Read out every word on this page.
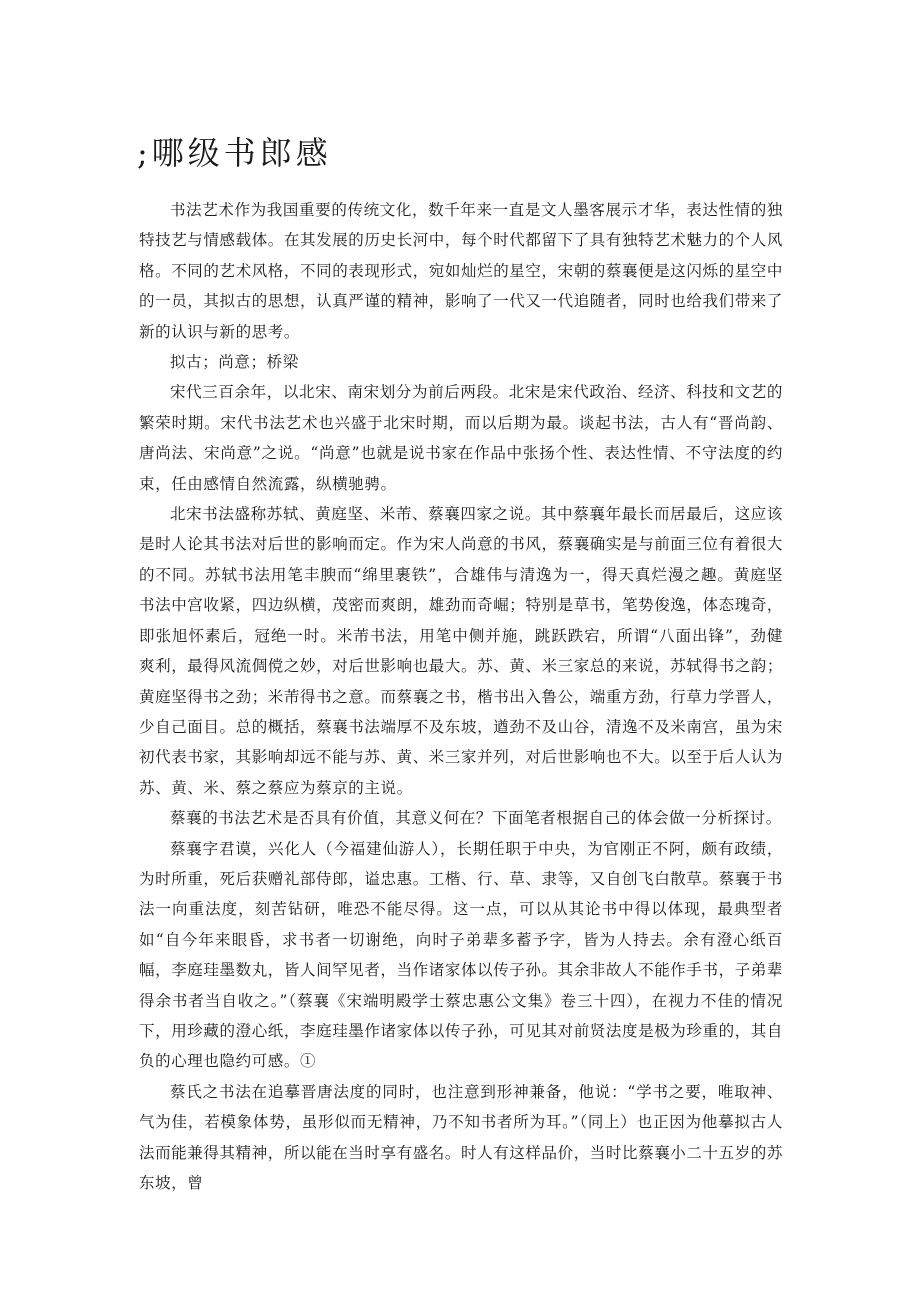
;哪级书郎感

书法艺术作为我国重要的传统文化，数千年来一直是文人墨客展示才华，表达性情的独特技艺与情感载体。在其发展的历史长河中，每个时代都留下了具有独特艺术魅力的个人风格。不同的艺术风格，不同的表现形式，宛如灿烂的星空，宋朝的蔡襄便是这闪烁的星空中的一员，其拟古的思想，认真严谨的精神，影响了一代又一代追随者，同时也给我们带来了新的认识与新的思考。

拟古；尚意；桥梁

宋代三百余年，以北宋、南宋划分为前后两段。北宋是宋代政治、经济、科技和文艺的繁荣时期。宋代书法艺术也兴盛于北宋时期，而以后期为最。谈起书法，古人有“晋尚韵、唐尚法、宋尚意”之说。“尚意”也就是说书家在作品中张扬个性、表达性情、不守法度的约束，任由感情自然流露，纵横驰骋。

北宋书法盛称苏轼、黄庭坚、米芾、蔡襄四家之说。其中蔡襄年最长而居最后，这应该是时人论其书法对后世的影响而定。作为宋人尚意的书风，蔡襄确实是与前面三位有着很大的不同。苏轼书法用笔丰腴而“绵里裹铁”，合雄伟与清逸为一，得天真烂漫之趣。黄庭坚书法中宫收紧，四边纵横，茂密而爽朗，雄劲而奇崛；特别是草书，笔势俊逸，体态瑰奇，即张旭怀素后，冠绝一时。米芾书法，用笔中侧并施，跳跃跌宕，所谓“八面出锋”，劲健爽利，最得风流倜傥之妙，对后世影响也最大。苏、黄、米三家总的来说，苏轼得书之韵；黄庭坚得书之劲；米芾得书之意。而蔡襄之书，楷书出入鲁公，端重方劲，行草力学晋人，少自己面目。总的概括，蔡襄书法端厚不及东坡，遒劲不及山谷，清逸不及米南宫，虽为宋初代表书家，其影响却远不能与苏、黄、米三家并列，对后世影响也不大。以至于后人认为苏、黄、米、蔡之蔡应为蔡京的主说。

蔡襄的书法艺术是否具有价值，其意义何在？下面笔者根据自己的体会做一分析探讨。

蔡襄字君谟，兴化人（今福建仙游人），长期任职于中央，为官刚正不阿，颇有政绩，为时所重，死后获赠礼部侍郎，谥忠惠。工楷、行、草、隶等，又自创飞白散草。蔡襄于书法一向重法度，刻苦钻研，唯恐不能尽得。这一点，可以从其论书中得以体现，最典型者如“自今年来眼昏，求书者一切谢绝，向时子弟辈多蓄予字，皆为人持去。余有澄心纸百幅，李庭珪墨数丸，皆人间罕见者，当作诸家体以传子孙。其余非故人不能作手书，子弟辈得余书者当自收之。”（蔡襄《宋端明殿学士蔡忠惠公文集》卷三十四），在视力不佳的情况下，用珍藏的澄心纸，李庭珪墨作诸家体以传子孙，可见其对前贤法度是极为珍重的，其自负的心理也隐约可感。①

蔡氏之书法在追摹晋唐法度的同时，也注意到形神兼备，他说：“学书之要，唯取神、气为佳，若模象体势，虽形似而无精神，乃不知书者所为耳。”（同上）也正因为他摹拟古人法而能兼得其精神，所以能在当时享有盛名。时人有这样品价，当时比蔡襄小二十五岁的苏东坡，曾
